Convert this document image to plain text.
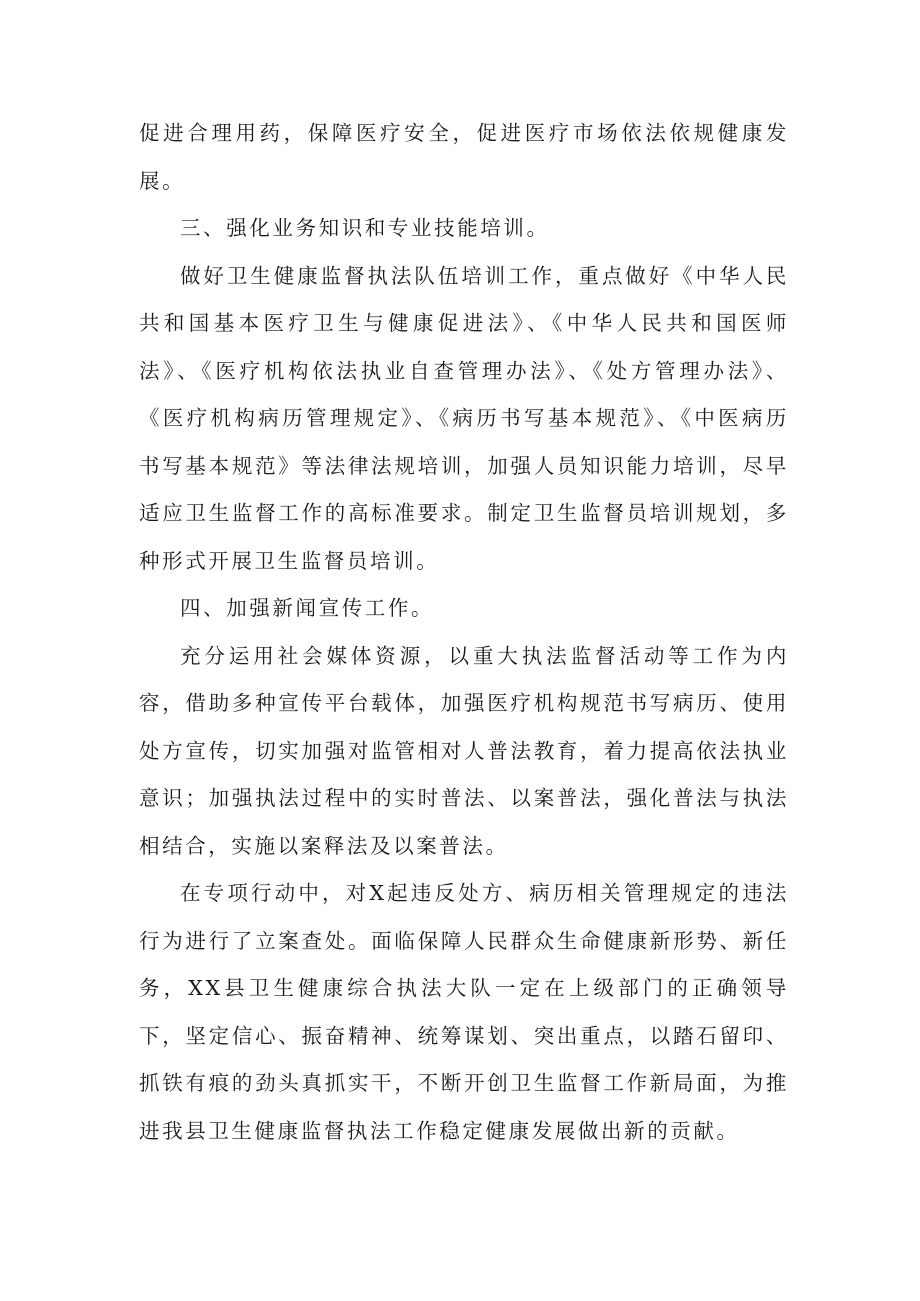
促进合理用药，保障医疗安全，促进医疗市场依法依规健康发展。

三、强化业务知识和专业技能培训。

做好卫生健康监督执法队伍培训工作，重点做好《中华人民共和国基本医疗卫生与健康促进法》、《中华人民共和国医师法》、《医疗机构依法执业自查管理办法》、《处方管理办法》、《医疗机构病历管理规定》、《病历书写基本规范》、《中医病历书写基本规范》等法律法规培训，加强人员知识能力培训，尽早适应卫生监督工作的高标准要求。制定卫生监督员培训规划，多种形式开展卫生监督员培训。

四、加强新闻宣传工作。

充分运用社会媒体资源，以重大执法监督活动等工作为内容，借助多种宣传平台载体，加强医疗机构规范书写病历、使用处方宣传，切实加强对监管相对人普法教育，着力提高依法执业意识；加强执法过程中的实时普法、以案普法，强化普法与执法相结合，实施以案释法及以案普法。

在专项行动中，对X起违反处方、病历相关管理规定的违法行为进行了立案查处。面临保障人民群众生命健康新形势、新任务，XX县卫生健康综合执法大队一定在上级部门的正确领导下，坚定信心、振奋精神、统筹谋划、突出重点，以踏石留印、抓铁有痕的劲头真抓实干，不断开创卫生监督工作新局面，为推进我县卫生健康监督执法工作稳定健康发展做出新的贡献。
